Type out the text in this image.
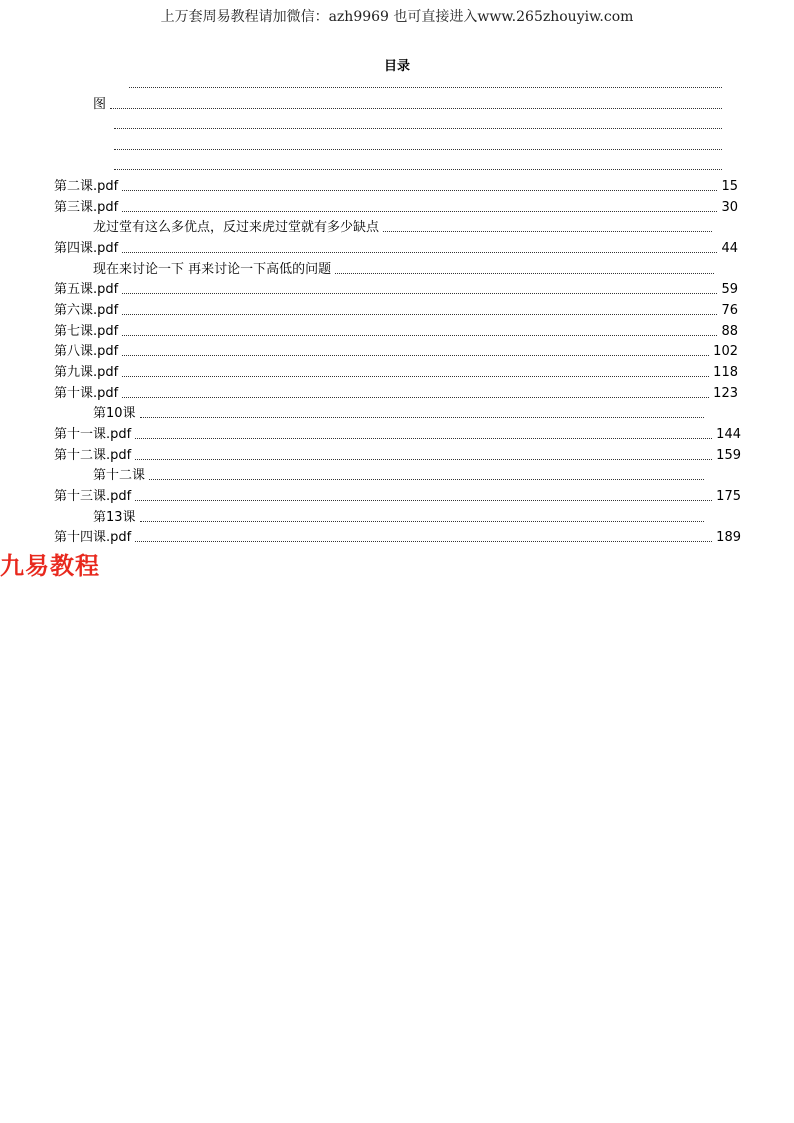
上万套周易教程请加微信：azh9969 也可直接进入www.265zhouyiw.com
目录
图
第二课.pdf	15
第三课.pdf	30
龙过堂有这么多优点，反过来虎过堂就有多少缺点
第四课.pdf	44
现在来讨论一下 再来讨论一下高低的问题
第五课.pdf	59
第六课.pdf	76
第七课.pdf	88
第八课.pdf	102
第九课.pdf	118
第十课.pdf	123
第10课
第十一课.pdf	144
第十二课.pdf	159
第十二课
第十三课.pdf	175
第13课
第十四课.pdf	189
九易教程
